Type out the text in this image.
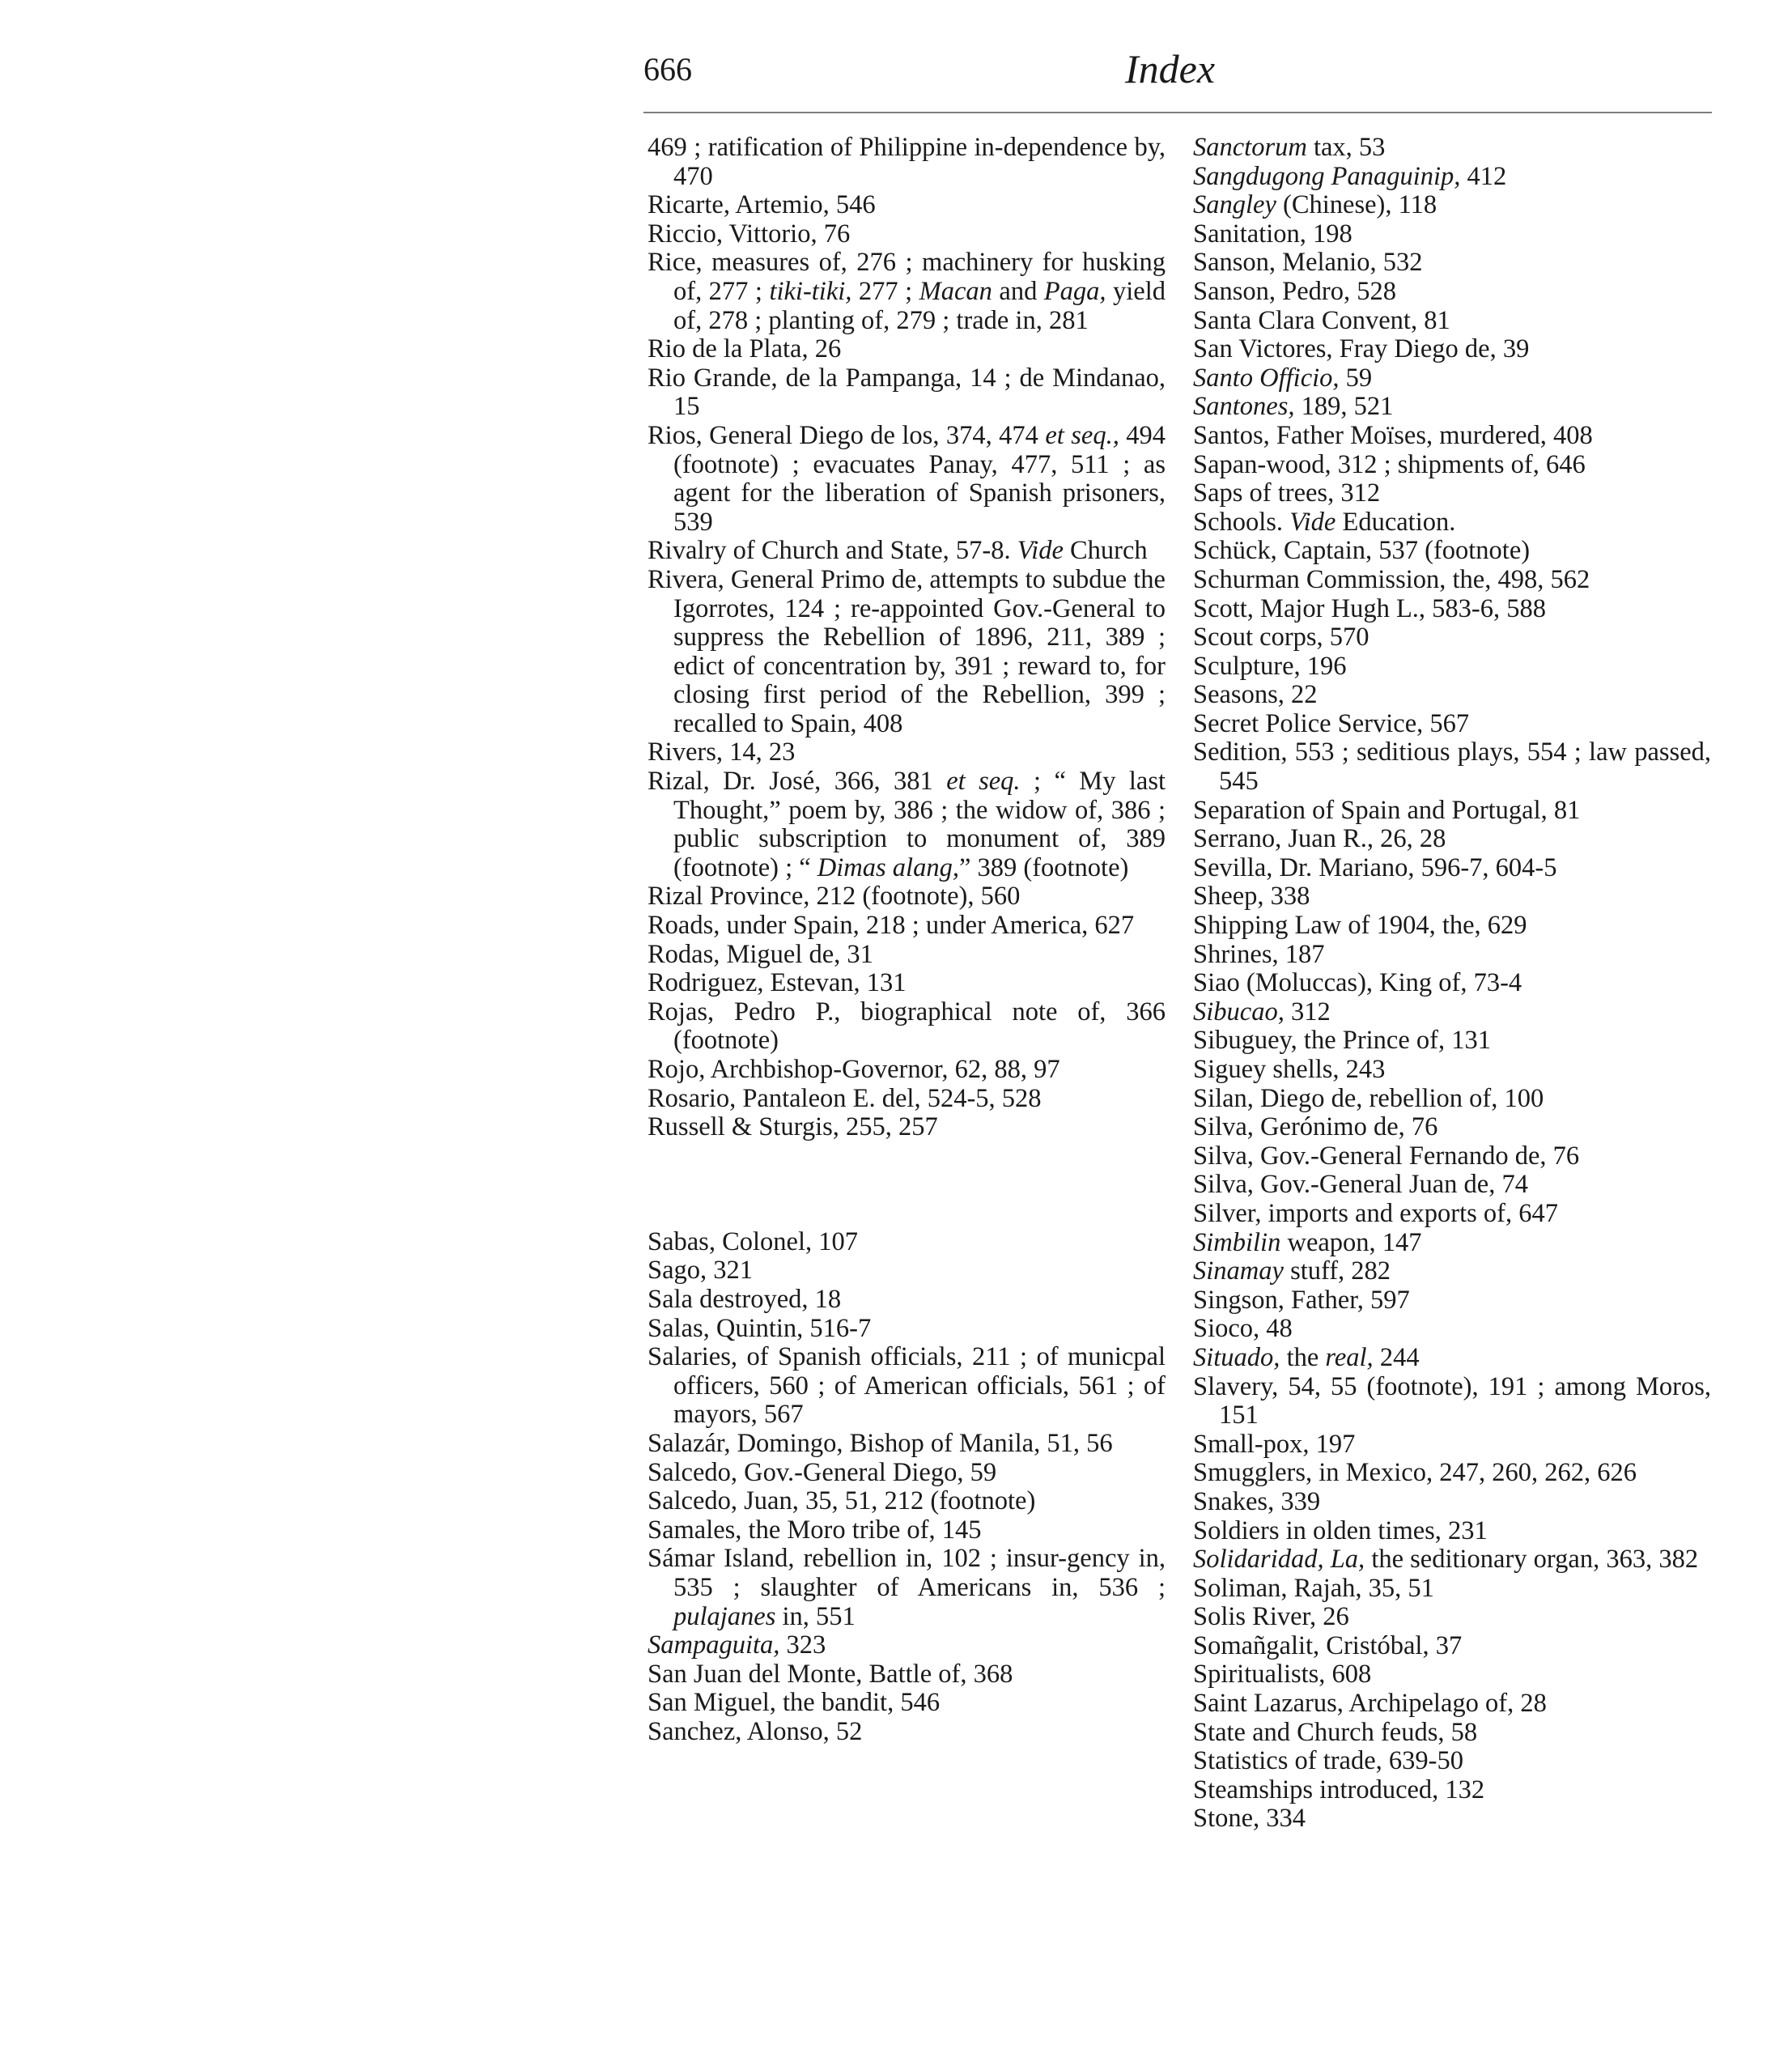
666	Index
469 ; ratification of Philippine in-dependence by, 470
Ricarte, Artemio, 546
Riccio, Vittorio, 76
Rice, measures of, 276 ; machinery for husking of, 277 ; tiki-tiki, 277 ; Macan and Paga, yield of, 278 ; planting of, 279 ; trade in, 281
Rio de la Plata, 26
Rio Grande, de la Pampanga, 14 ; de Mindanao, 15
Rios, General Diego de los, 374, 474 et seq., 494 (footnote) ; evacuates Panay, 477, 511 ; as agent for the liberation of Spanish prisoners, 539
Rivalry of Church and State, 57-8. Vide Church
Rivera, General Primo de, attempts to subdue the Igorrotes, 124 ; re-appointed Gov.-General to suppress the Rebellion of 1896, 211, 389 ; edict of concentration by, 391 ; reward to, for closing first period of the Rebellion, 399 ; recalled to Spain, 408
Rivers, 14, 23
Rizal, Dr. José, 366, 381 et seq. ; “ My last Thought,” poem by, 386 ; the widow of, 386 ; public subscription to monument of, 389 (footnote) ; “ Dimas alang,” 389 (footnote)
Rizal Province, 212 (footnote), 560
Roads, under Spain, 218 ; under America, 627
Rodas, Miguel de, 31
Rodriguez, Estevan, 131
Rojas, Pedro P., biographical note of, 366 (footnote)
Rojo, Archbishop-Governor, 62, 88, 97
Rosario, Pantaleon E. del, 524-5, 528
Russell & Sturgis, 255, 257
Sabas, Colonel, 107
Sago, 321
Sala destroyed, 18
Salas, Quintin, 516-7
Salaries, of Spanish officials, 211 ; of municpal officers, 560 ; of American officials, 561 ; of mayors, 567
Salazár, Domingo, Bishop of Manila, 51, 56
Salcedo, Gov.-General Diego, 59
Salcedo, Juan, 35, 51, 212 (footnote)
Samales, the Moro tribe of, 145
Sámar Island, rebellion in, 102 ; insur-gency in, 535 ; slaughter of Americans in, 536 ; pulajanes in, 551
Sampaguita, 323
San Juan del Monte, Battle of, 368
San Miguel, the bandit, 546
Sanchez, Alonso, 52
Sanctorum tax, 53
Sangdugong Panaguinip, 412
Sangley (Chinese), 118
Sanitation, 198
Sanson, Melanio, 532
Sanson, Pedro, 528
Santa Clara Convent, 81
San Victores, Fray Diego de, 39
Santo Officio, 59
Santones, 189, 521
Santos, Father Moïses, murdered, 408
Sapan-wood, 312 ; shipments of, 646
Saps of trees, 312
Schools. Vide Education.
Schück, Captain, 537 (footnote)
Schurman Commission, the, 498, 562
Scott, Major Hugh L., 583-6, 588
Scout corps, 570
Sculpture, 196
Seasons, 22
Secret Police Service, 567
Sedition, 553 ; seditious plays, 554 ; law passed, 545
Separation of Spain and Portugal, 81
Serrano, Juan R., 26, 28
Sevilla, Dr. Mariano, 596-7, 604-5
Sheep, 338
Shipping Law of 1904, the, 629
Shrines, 187
Siao (Moluccas), King of, 73-4
Sibucao, 312
Sibuguey, the Prince of, 131
Siguey shells, 243
Silan, Diego de, rebellion of, 100
Silva, Gerónimo de, 76
Silva, Gov.-General Fernando de, 76
Silva, Gov.-General Juan de, 74
Silver, imports and exports of, 647
Simbilin weapon, 147
Sinamay stuff, 282
Singson, Father, 597
Sioco, 48
Situado, the real, 244
Slavery, 54, 55 (footnote), 191 ; among Moros, 151
Small-pox, 197
Smugglers, in Mexico, 247, 260, 262, 626
Snakes, 339
Soldiers in olden times, 231
Solidaridad, La, the seditionary organ, 363, 382
Soliman, Rajah, 35, 51
Solis River, 26
Somañgalit, Cristóbal, 37
Spiritualists, 608
Saint Lazarus, Archipelago of, 28
State and Church feuds, 58
Statistics of trade, 639-50
Steamships introduced, 132
Stone, 334
